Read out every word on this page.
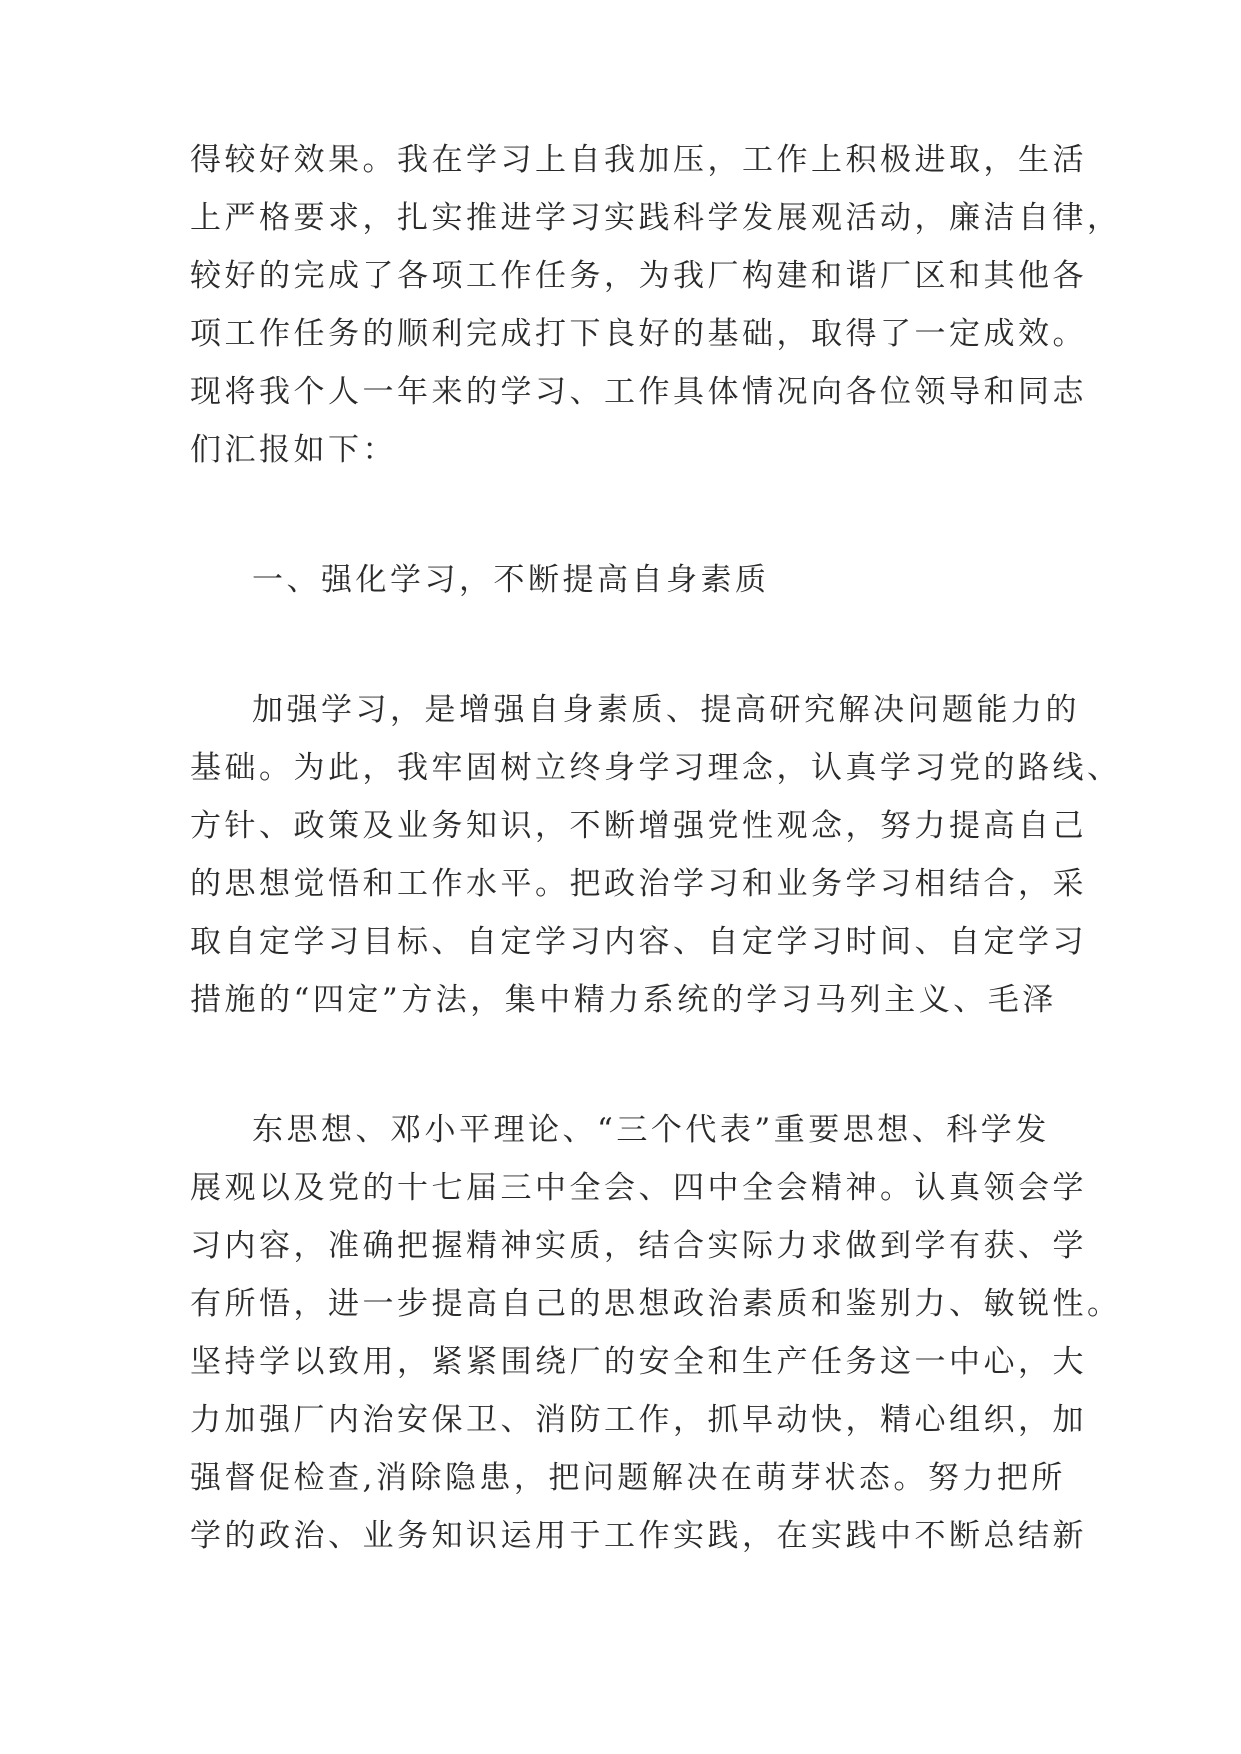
得较好效果。我在学习上自我加压，工作上积极进取，生活
上严格要求，扎实推进学习实践科学发展观活动，廉洁自律，
较好的完成了各项工作任务，为我厂构建和谐厂区和其他各
项工作任务的顺利完成打下良好的基础，取得了一定成效。
现将我个人一年来的学习、工作具体情况向各位领导和同志
们汇报如下：
一、强化学习，不断提高自身素质
加强学习，是增强自身素质、提高研究解决问题能力的
基础。为此，我牢固树立终身学习理念，认真学习党的路线、
方针、政策及业务知识，不断增强党性观念，努力提高自己
的思想觉悟和工作水平。把政治学习和业务学习相结合，采
取自定学习目标、自定学习内容、自定学习时间、自定学习
措施的“四定”方法，集中精力系统的学习马列主义、毛泽
东思想、邓小平理论、“三个代表”重要思想、科学发
展观以及党的十七届三中全会、四中全会精神。认真领会学
习内容，准确把握精神实质，结合实际力求做到学有获、学
有所悟，进一步提高自己的思想政治素质和鉴别力、敏锐性。
坚持学以致用，紧紧围绕厂的安全和生产任务这一中心，大
力加强厂内治安保卫、消防工作，抓早动快，精心组织，加
强督促检查,消除隐患，把问题解决在萌芽状态。努力把所
学的政治、业务知识运用于工作实践，在实践中不断总结新
